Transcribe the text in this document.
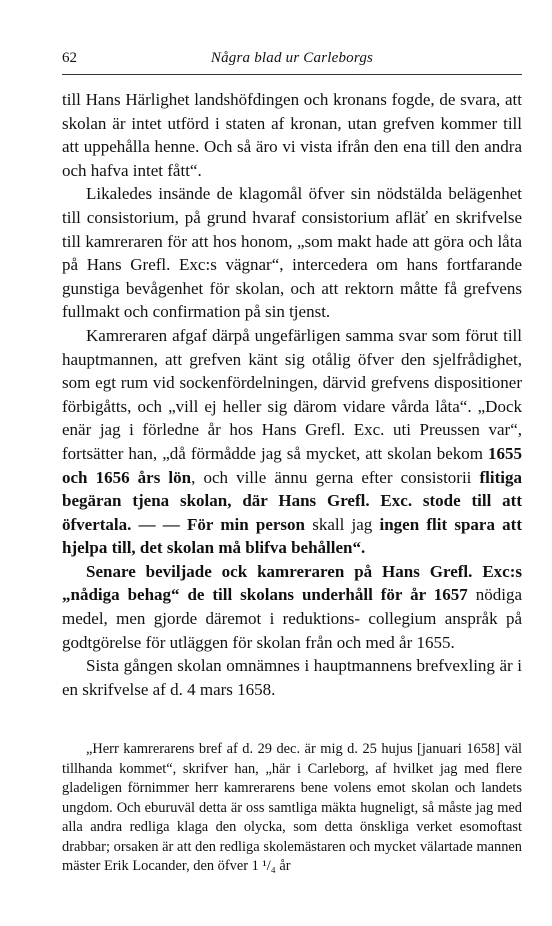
62	Några blad ur Carleborgs

till Hans Härlighet landshöfdingen och kronans fogde, de svara, att skolan är intet utförd i staten af kronan, utan grefven kommer till att uppehålla henne. Och så äro vi vista ifrån den ena till den andra och hafva intet fått“.

Likaledes insände de klagomål öfver sin nödstälda belägenhet till consistorium, på grund hvaraf consistorium afläť en skrifvelse till kamreraren för att hos honom, „som makt hade att göra och låta på Hans Grefl. Exc:s vägnar“, intercedera om hans fortfarande gunstiga bevågenhet för skolan, och att rektorn måtte få grefvens fullmakt och confirmation på sin tjenst.

Kamreraren afgaf därpå ungefärligen samma svar som förut till hauptmannen, att grefven känt sig otålig öfver den sjelfrådighet, som egt rum vid sockenfördelningen, därvid grefvens dispositioner förbigåtts, och „vill ej heller sig därom vidare vårda låta“. „Dock enär jag i förledne år hos Hans Grefl. Exc. uti Preussen var“, fortsätter han, „då förmådde jag så mycket, att skolan bekom 1655 och 1656 års lön, och ville ännu gerna efter consistorii flitiga begäran tjena skolan, där Hans Grefl. Exc. stode till att öfvertala. — — För min person skall jag ingen flit spara att hjelpa till, det skolan må blifva behållen“.

Senare beviljade ock kamreraren på Hans Grefl. Exc:s „nådiga behag“ de till skolans underhåll för år 1657 nödiga medel, men gjorde däremot i reduktions- collegium anspråk på godtgörelse för utläggen för skolan från och med år 1655.

Sista gången skolan omnämnes i hauptmannens brefvexling är i en skrifvelse af d. 4 mars 1658.

„Herr kamrerarens bref af d. 29 dec. är mig d. 25 hujus [januari 1658] väl tillhanda kommet“, skrifver han, „här i Carleborg, af hvilket jag med flere gladeligen förnimmer herr kamrerarens bene volens emot skolan och landets ungdom. Och eburuväl detta är oss samtliga mäkta hugneligt, så måste jag med alla andra redliga klaga den olycka, som detta önskliga verket esomoftast drabbar; orsaken är att den redliga skolemästaren och mycket välartade mannen mäster Erik Locander, den öfver 1 ¹/₄ år
